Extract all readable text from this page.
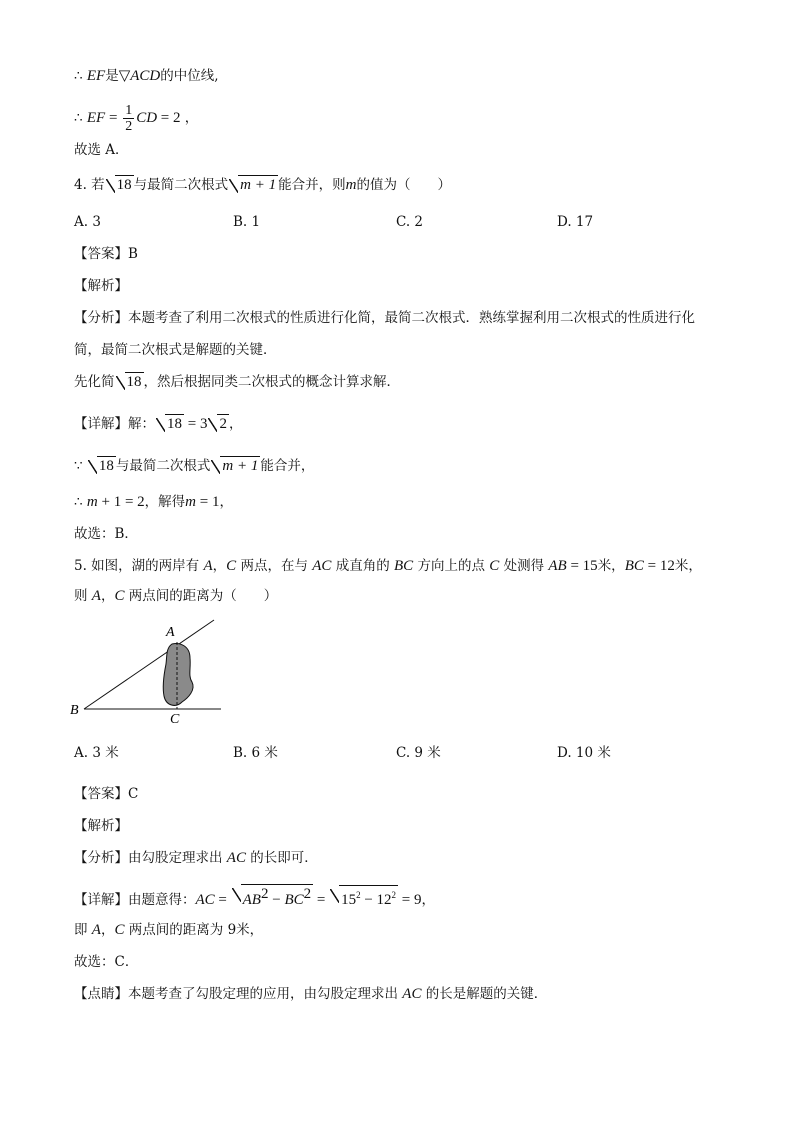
∴ EF是▽ACD的中位线,
∴ EF = $\frac{1}{2}$ CD = 2 ，
故选 A．
4. 若 18 与最简二次根式 m + 1 能合并，则m的值为（　　）
A. 3	B. 1	C. 2	D. 17
【答案】B
【解析】
【分析】本题考查了利用二次根式的性质进行化简，最简二次根式．熟练掌握利用二次根式的性质进行化
简，最简二次根式是解题的关键．
先化简 18 ，然后根据同类二次根式的概念计算求解．
【详解】解： 18 = 3 2 ，
∵ 18 与最简二次根式 m + 1 能合并，
∴ m + 1 = 2，解得m = 1，
故选：B．
5. 如图，湖的两岸有 A，C 两点，在与 AC 成直角的 BC 方向上的点 C 处测得 AB = 15米，BC = 12米，
则 A，C 两点间的距离为（　　）
A
B
C
A. 3 米	B. 6 米	C. 9 米	D. 10 米
【答案】C
【解析】
【分析】由勾股定理求出 AC 的长即可．
【详解】由题意得：AC = $AB^2 - BC^2 = 15^2 - 12^2 = 9$，
即 A，C 两点间的距离为 9米，
故选：C．
【点睛】本题考查了勾股定理的应用，由勾股定理求出 AC 的长是解题的关键．
